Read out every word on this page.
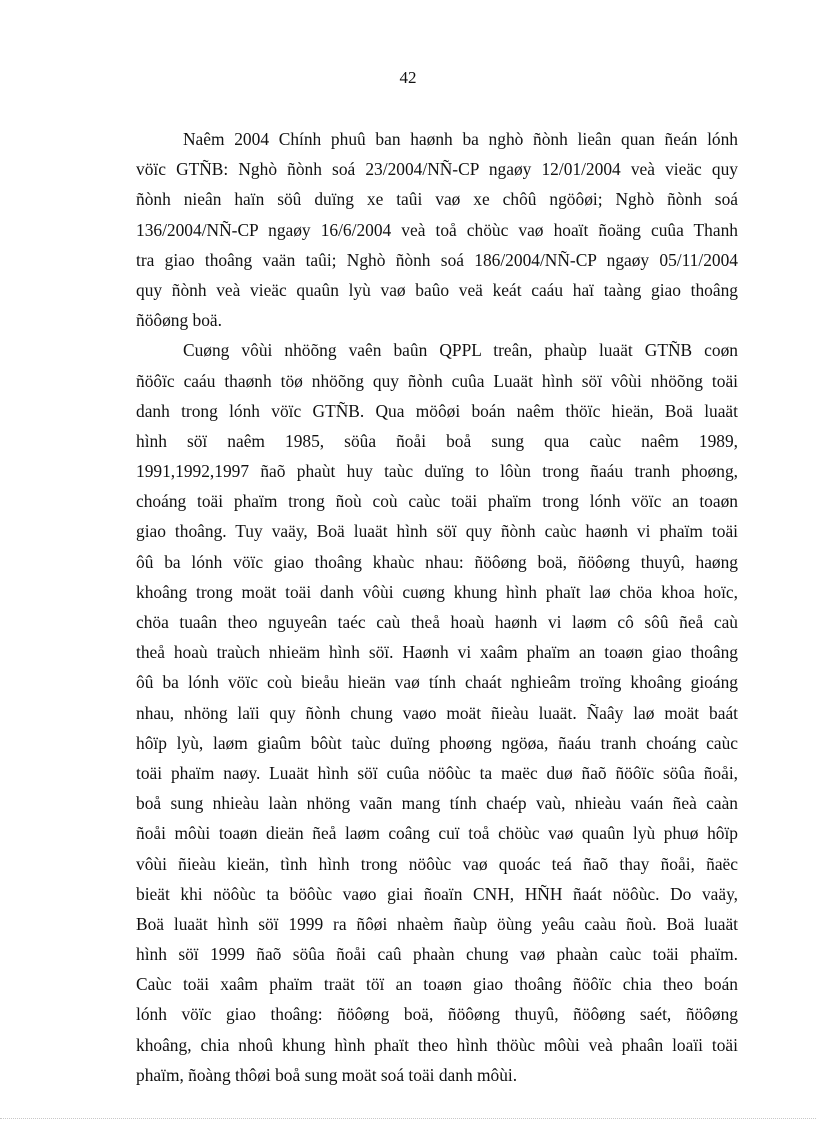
42
Naêm 2004 Chính phuû ban haønh ba nghò ñònh lieân quan ñeán lónh
vöïc GTÑB: Nghò ñònh soá 23/2004/NÑ-CP ngaøy 12/01/2004 veà vieäc quy
ñònh nieân haïn söû duïng xe taûi vaø xe chôû ngöôøi; Nghò ñònh soá
136/2004/NÑ-CP ngaøy 16/6/2004 veà toå chöùc vaø hoaït ñoäng cuûa Thanh
tra giao thoâng vaän taûi; Nghò ñònh soá 186/2004/NÑ-CP ngaøy 05/11/2004
quy ñònh veà vieäc quaûn lyù vaø baûo veä keát caáu haï taàng giao thoâng
ñöôøng boä.
Cuøng vôùi nhöõng vaên baûn QPPL treân, phaùp luaät GTÑB coøn
ñöôïc caáu thaønh töø nhöõng quy ñònh cuûa Luaät hình söï vôùi nhöõng toäi
danh trong lónh vöïc GTÑB. Qua möôøi boán naêm thöïc hieän, Boä luaät
hình söï naêm 1985, söûa ñoåi boå sung qua caùc naêm 1989,
1991,1992,1997 ñaõ phaùt huy taùc duïng to lôùn trong ñaáu tranh phoøng,
choáng toäi phaïm trong ñoù coù caùc toäi phaïm trong lónh vöïc an toaøn
giao thoâng. Tuy vaäy, Boä luaät hình söï quy ñònh caùc haønh vi phaïm toäi
ôû ba lónh vöïc giao thoâng khaùc nhau: ñöôøng boä, ñöôøng thuyû, haøng
khoâng trong moät toäi danh vôùi cuøng khung hình phaït laø chöa khoa hoïc,
chöa tuaân theo nguyeân taéc caù theå hoaù haønh vi laøm cô sôû ñeå caù
theå hoaù traùch nhieäm hình söï. Haønh vi xaâm phaïm an toaøn giao thoâng
ôû ba lónh vöïc coù bieåu hieän vaø tính chaát nghieâm troïng khoâng gioáng
nhau, nhöng laïi quy ñònh chung vaøo moät ñieàu luaät. Ñaây laø moät baát
hôïp lyù, laøm giaûm bôùt taùc duïng phoøng ngöøa, ñaáu tranh choáng caùc
toäi phaïm naøy. Luaät hình söï cuûa nöôùc ta maëc duø ñaõ ñöôïc söûa ñoåi,
boå sung nhieàu laàn nhöng vaãn mang tính chaép vaù, nhieàu vaán ñeà caàn
ñoåi môùi toaøn dieän ñeå laøm coâng cuï toå chöùc vaø quaûn lyù phuø hôïp
vôùi ñieàu kieän, tình hình trong nöôùc vaø quoác teá ñaõ thay ñoåi, ñaëc
bieät khi nöôùc ta böôùc vaøo giai ñoaïn CNH, HÑH ñaát nöôùc. Do vaäy,
Boä luaät hình söï 1999 ra ñôøi nhaèm ñaùp öùng yeâu caàu ñoù. Boä luaät
hình söï 1999 ñaõ söûa ñoåi caû phaàn chung vaø phaàn caùc toäi phaïm.
Caùc toäi xaâm phaïm traät töï an toaøn giao thoâng ñöôïc chia theo boán
lónh vöïc giao thoâng: ñöôøng boä, ñöôøng thuyû, ñöôøng saét, ñöôøng
khoâng, chia nhoû khung hình phaït theo hình thöùc môùi veà phaân loaïi toäi
phaïm, ñoàng thôøi boå sung moät soá toäi danh môùi.
